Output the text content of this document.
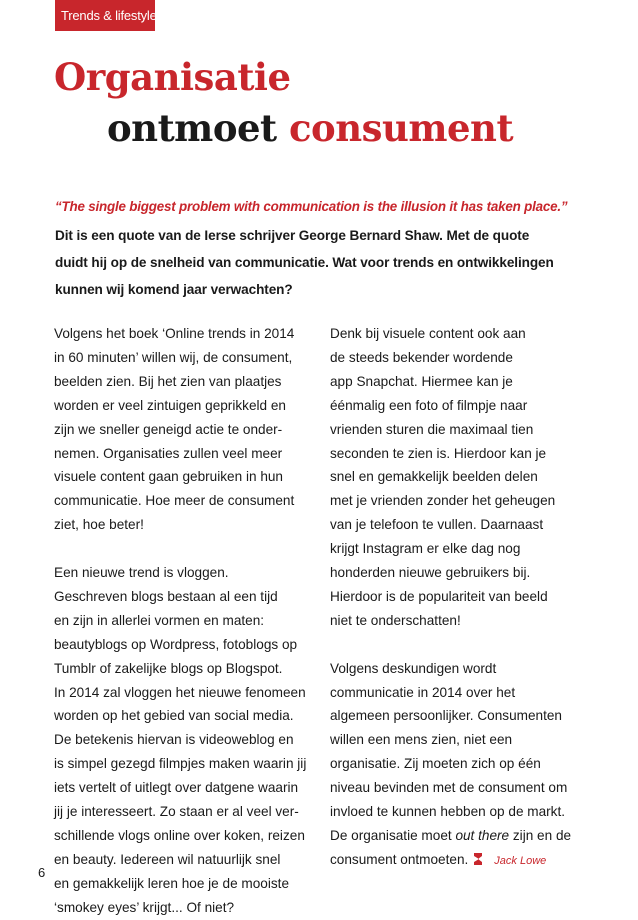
Trends & lifestyle
Organisatie
ontmoet consument
“The single biggest problem with communication is the illusion it has taken place.”
Dit is een quote van de Ierse schrijver George Bernard Shaw. Met de quote
duidt hij op de snelheid van communicatie. Wat voor trends en ontwikkelingen
kunnen wij komend jaar verwachten?
Volgens het boek ‘Online trends in 2014
in 60 minuten’ willen wij, de consument,
beelden zien. Bij het zien van plaatjes
worden er veel zintuigen geprikkeld en
zijn we sneller geneigd actie te onder-
nemen. Organisaties zullen veel meer
visuele content gaan gebruiken in hun
communicatie. Hoe meer de consument
ziet, hoe beter!
Een nieuwe trend is vloggen.
Geschreven blogs bestaan al een tijd
en zijn in allerlei vormen en maten:
beautyblogs op Wordpress, fotoblogs op
Tumblr of zakelijke blogs op Blogspot.
In 2014 zal vloggen het nieuwe fenomeen
worden op het gebied van social media.
De betekenis hiervan is videoweblog en
is simpel gezegd filmpjes maken waarin jij
iets vertelt of uitlegt over datgene waarin
jij je interesseert. Zo staan er al veel ver-
schillende vlogs online over koken, reizen
en beauty. Iedereen wil natuurlijk snel
en gemakkelijk leren hoe je de mooiste
‘smokey eyes’ krijgt... Of niet?
Denk bij visuele content ook aan
de steeds bekender wordende
app Snapchat. Hiermee kan je
éénmalig een foto of filmpje naar
vrienden sturen die maximaal tien
seconden te zien is. Hierdoor kan je
snel en gemakkelijk beelden delen
met je vrienden zonder het geheugen
van je telefoon te vullen. Daarnaast
krijgt Instagram er elke dag nog
honderden nieuwe gebruikers bij.
Hierdoor is de populariteit van beeld
niet te onderschatten!
Volgens deskundigen wordt
communicatie in 2014 over het
algemeen persoonlijker. Consumenten
willen een mens zien, niet een
organisatie. Zij moeten zich op één
niveau bevinden met de consument om
invloed te kunnen hebben op de markt.
De organisatie moet out there zijn en de
consument ontmoeten. Jack Lowe
6
